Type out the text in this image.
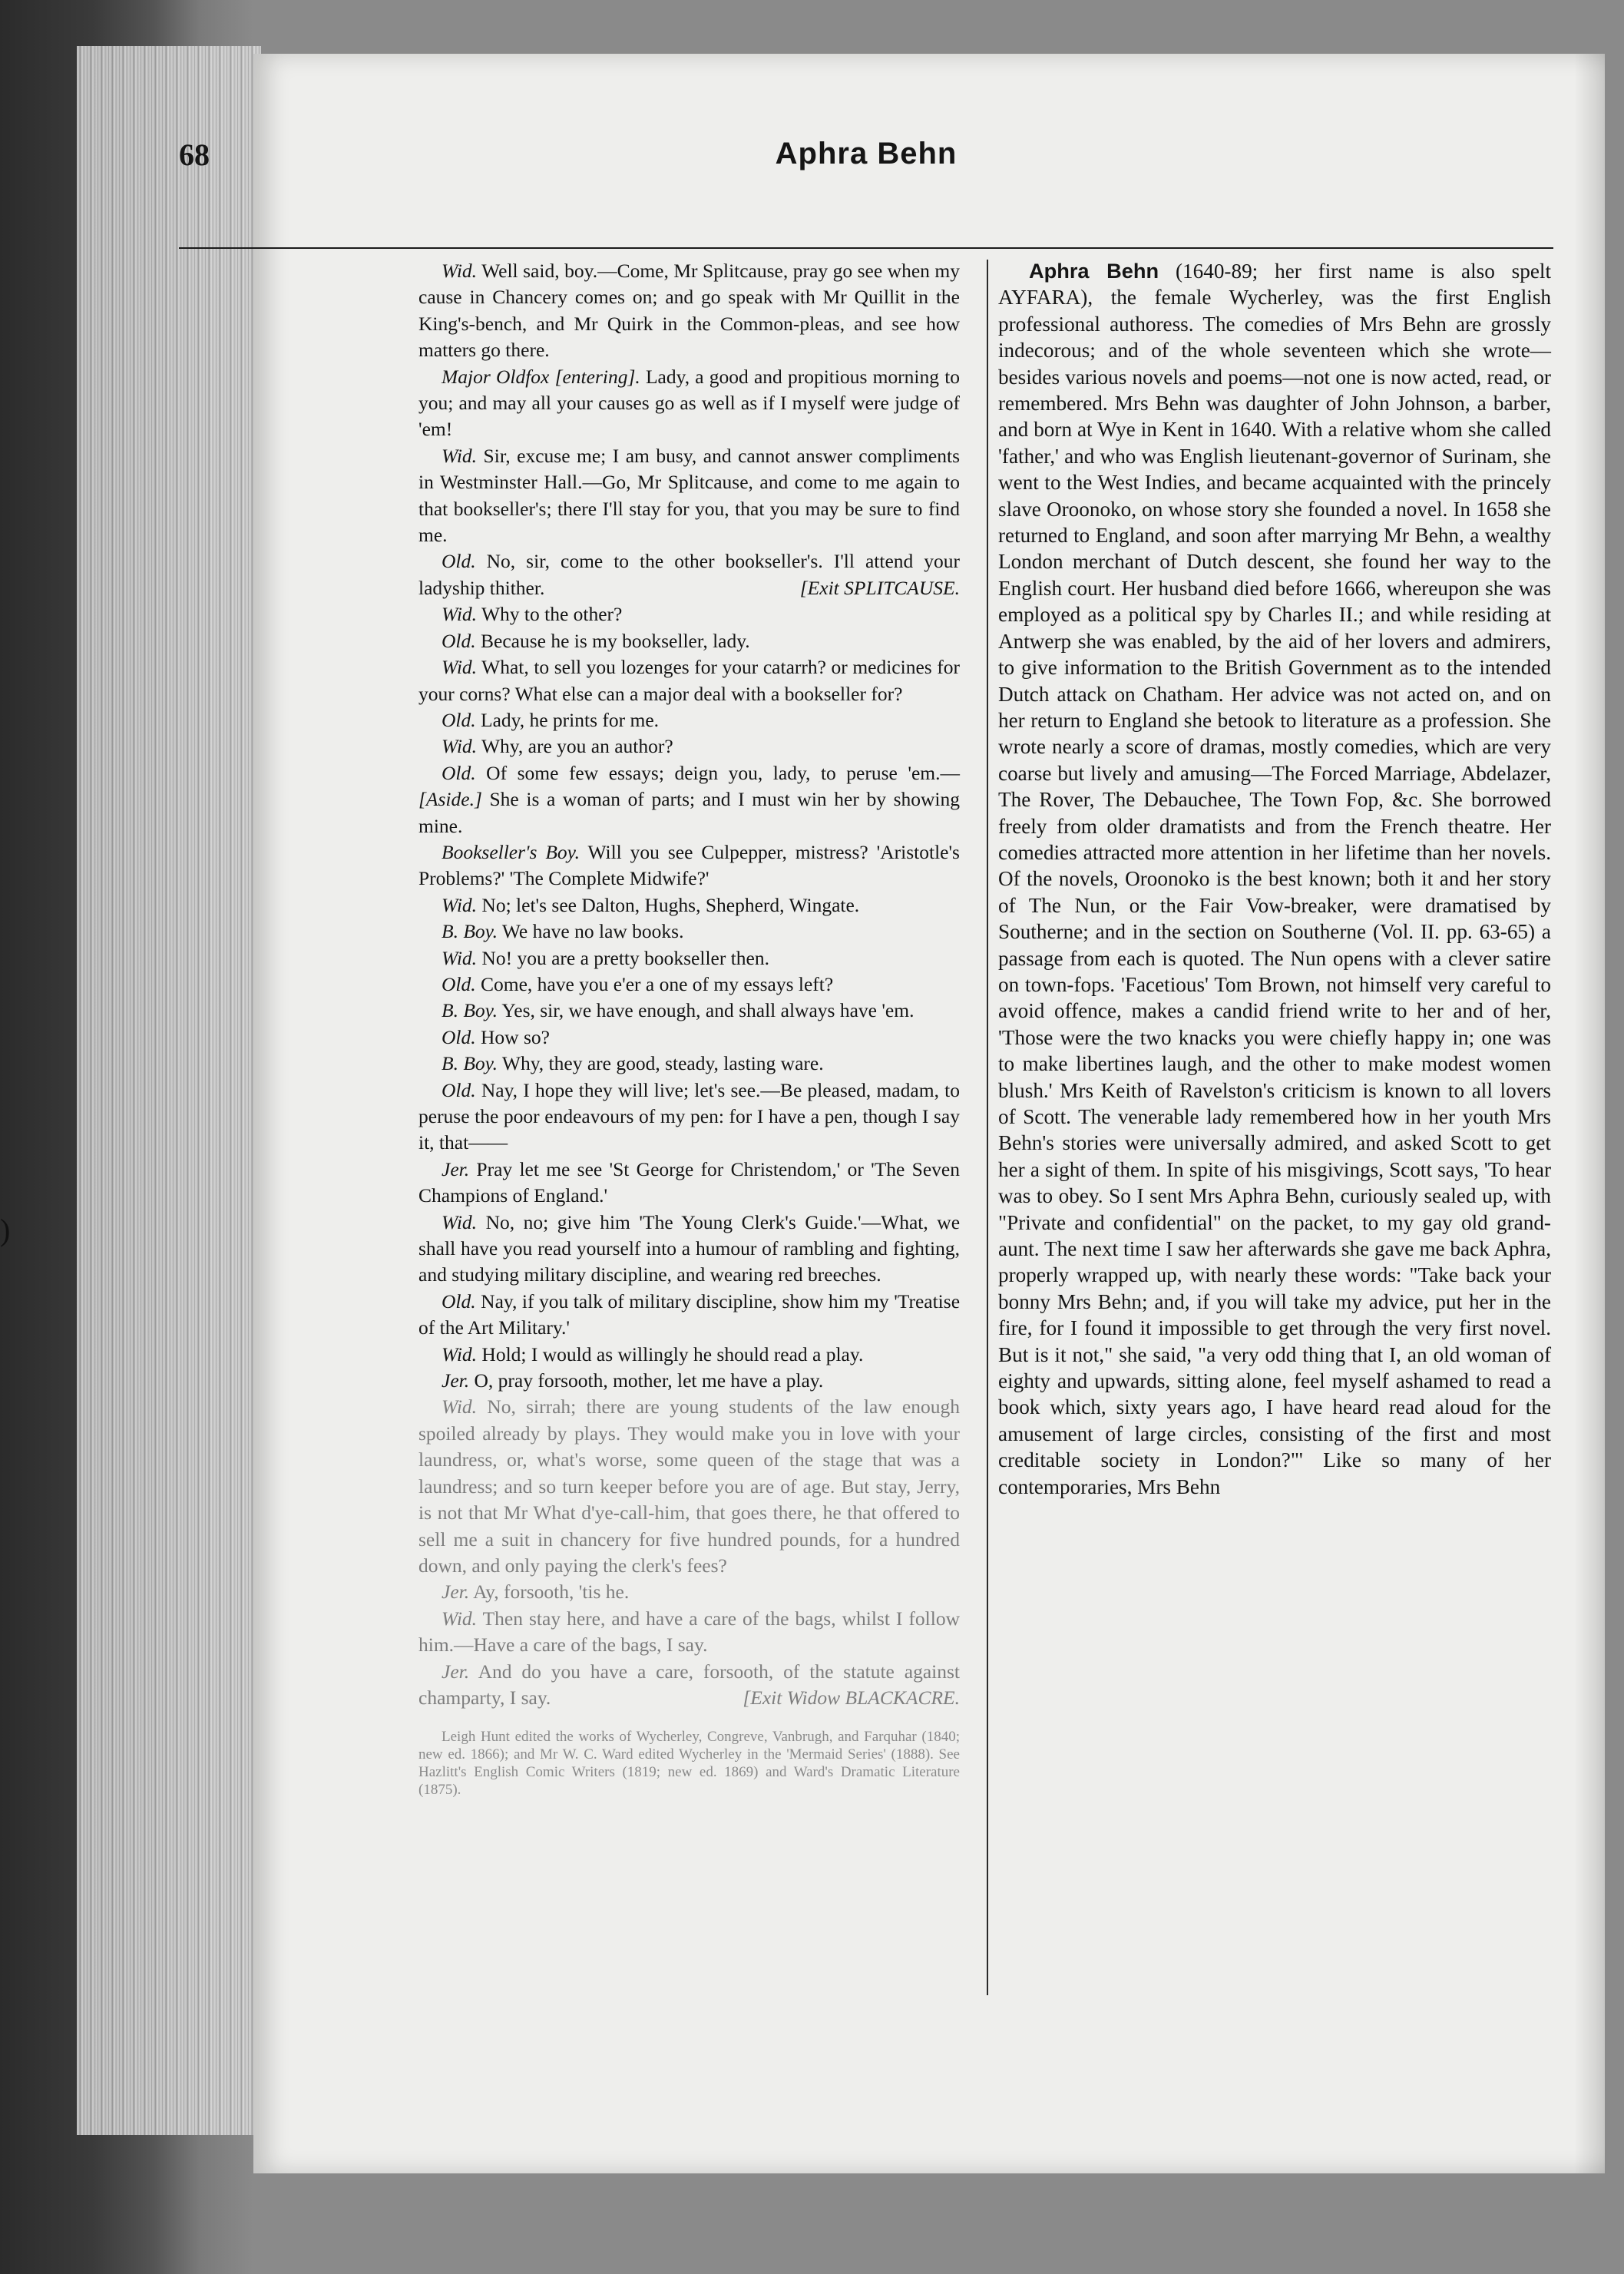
)
68	Aphra Behn

Wid. Well said, boy.—Come, Mr Splitcause, pray go see when my cause in Chancery comes on; and go speak with Mr Quillit in the King's-bench, and Mr Quirk in the Common-pleas, and see how matters go there.

Major Oldfox [entering]. Lady, a good and propitious morning to you; and may all your causes go as well as if I myself were judge of 'em!

Wid. Sir, excuse me; I am busy, and cannot answer compliments in Westminster Hall.—Go, Mr Splitcause, and come to me again to that bookseller's; there I'll stay for you, that you may be sure to find me.

Old. No, sir, come to the other bookseller's. I'll attend your ladyship thither.	[Exit SPLITCAUSE.

Wid. Why to the other?

Old. Because he is my bookseller, lady.

Wid. What, to sell you lozenges for your catarrh? or medicines for your corns? What else can a major deal with a bookseller for?

Old. Lady, he prints for me.

Wid. Why, are you an author?

Old. Of some few essays; deign you, lady, to peruse 'em.— [Aside.] She is a woman of parts; and I must win her by showing mine.

Bookseller's Boy. Will you see Culpepper, mistress? 'Aristotle's Problems?' 'The Complete Midwife?'

Wid. No; let's see Dalton, Hughs, Shepherd, Wingate.

B. Boy. We have no law books.

Wid. No! you are a pretty bookseller then.

Old. Come, have you e'er a one of my essays left?

B. Boy. Yes, sir, we have enough, and shall always have 'em.

Old. How so?

B. Boy. Why, they are good, steady, lasting ware.

Old. Nay, I hope they will live; let's see.—Be pleased, madam, to peruse the poor endeavours of my pen: for I have a pen, though I say it, that——

Jer. Pray let me see 'St George for Christendom,' or 'The Seven Champions of England.'

Wid. No, no; give him 'The Young Clerk's Guide.'—What, we shall have you read yourself into a humour of rambling and fighting, and studying military discipline, and wearing red breeches.

Old. Nay, if you talk of military discipline, show him my 'Treatise of the Art Military.'

Wid. Hold; I would as willingly he should read a play.

Jer. O, pray forsooth, mother, let me have a play.

Wid. No, sirrah; there are young students of the law enough spoiled already by plays. They would make you in love with your laundress, or, what's worse, some queen of the stage that was a laundress; and so turn keeper before you are of age. But stay, Jerry, is not that Mr What d'ye-call-him, that goes there, he that offered to sell me a suit in chancery for five hundred pounds, for a hundred down, and only paying the clerk's fees?

Jer. Ay, forsooth, 'tis he.

Wid. Then stay here, and have a care of the bags, whilst I follow him.—Have a care of the bags, I say.

Jer. And do you have a care, forsooth, of the statute against champarty, I say.	[Exit Widow BLACKACRE.

Leigh Hunt edited the works of Wycherley, Congreve, Vanbrugh, and Farquhar (1840; new ed. 1866); and Mr W. C. Ward edited Wycherley in the 'Mermaid Series' (1888). See Hazlitt's English Comic Writers (1819; new ed. 1869) and Ward's Dramatic Literature (1875).

Aphra Behn (1640-89; her first name is also spelt AYFARA), the female Wycherley, was the first English professional authoress. The comedies of Mrs Behn are grossly indecorous; and of the whole seventeen which she wrote—besides various novels and poems—not one is now acted, read, or remembered. Mrs Behn was daughter of John Johnson, a barber, and born at Wye in Kent in 1640. With a relative whom she called 'father,' and who was English lieutenant-governor of Surinam, she went to the West Indies, and became acquainted with the princely slave Oroonoko, on whose story she founded a novel. In 1658 she returned to England, and soon after marrying Mr Behn, a wealthy London merchant of Dutch descent, she found her way to the English court. Her husband died before 1666, whereupon she was employed as a political spy by Charles II.; and while residing at Antwerp she was enabled, by the aid of her lovers and admirers, to give information to the British Government as to the intended Dutch attack on Chatham. Her advice was not acted on, and on her return to England she betook to literature as a profession. She wrote nearly a score of dramas, mostly comedies, which are very coarse but lively and amusing—The Forced Marriage, Abdelazer, The Rover, The Debauchee, The Town Fop, &c. She borrowed freely from older dramatists and from the French theatre. Her comedies attracted more attention in her lifetime than her novels. Of the novels, Oroonoko is the best known; both it and her story of The Nun, or the Fair Vow-breaker, were dramatised by Southerne; and in the section on Southerne (Vol. II. pp. 63-65) a passage from each is quoted. The Nun opens with a clever satire on town-fops. 'Facetious' Tom Brown, not himself very careful to avoid offence, makes a candid friend write to her and of her, 'Those were the two knacks you were chiefly happy in; one was to make libertines laugh, and the other to make modest women blush.' Mrs Keith of Ravelston's criticism is known to all lovers of Scott. The venerable lady remembered how in her youth Mrs Behn's stories were universally admired, and asked Scott to get her a sight of them. In spite of his misgivings, Scott says, 'To hear was to obey. So I sent Mrs Aphra Behn, curiously sealed up, with "Private and confidential" on the packet, to my gay old grand-aunt. The next time I saw her afterwards she gave me back Aphra, properly wrapped up, with nearly these words: "Take back your bonny Mrs Behn; and, if you will take my advice, put her in the fire, for I found it impossible to get through the very first novel. But is it not," she said, "a very odd thing that I, an old woman of eighty and upwards, sitting alone, feel myself ashamed to read a book which, sixty years ago, I have heard read aloud for the amusement of large circles, consisting of the first and most creditable society in London?"' Like so many of her contemporaries, Mrs Behn
